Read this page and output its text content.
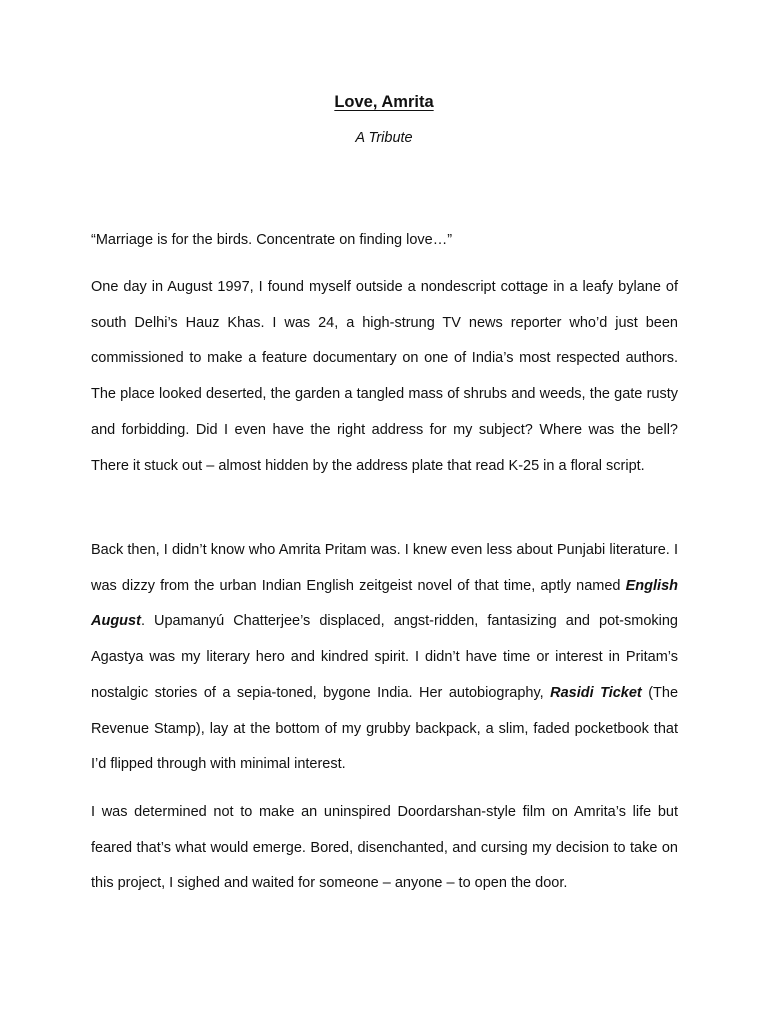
Love, Amrita

A Tribute

“Marriage is for the birds. Concentrate on finding love…”

One day in August 1997, I found myself outside a nondescript cottage in a leafy bylane of south Delhi’s Hauz Khas. I was 24, a high-strung TV news reporter who’d just been commissioned to make a feature documentary on one of India’s most respected authors. The place looked deserted, the garden a tangled mass of shrubs and weeds, the gate rusty and forbidding. Did I even have the right address for my subject? Where was the bell? There it stuck out – almost hidden by the address plate that read K-25 in a floral script.

Back then, I didn’t know who Amrita Pritam was. I knew even less about Punjabi literature. I was dizzy from the urban Indian English zeitgeist novel of that time, aptly named English August. Upamanyú Chatterjee’s displaced, angst-ridden, fantasizing and pot-smoking Agastya was my literary hero and kindred spirit. I didn’t have time or interest in Pritam’s nostalgic stories of a sepia-toned, bygone India. Her autobiography, Rasidi Ticket (The Revenue Stamp), lay at the bottom of my grubby backpack, a slim, faded pocketbook that I’d flipped through with minimal interest.

I was determined not to make an uninspired Doordarshan-style film on Amrita’s life but feared that’s what would emerge. Bored, disenchanted, and cursing my decision to take on this project, I sighed and waited for someone – anyone – to open the door.
